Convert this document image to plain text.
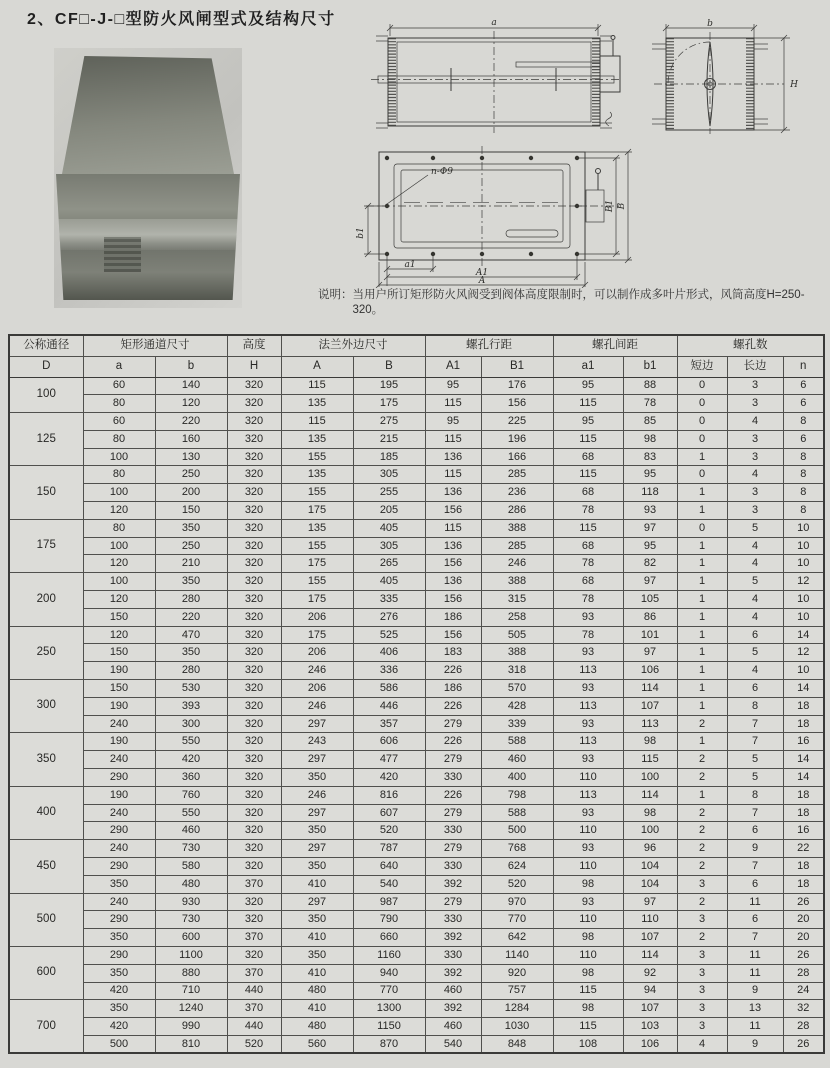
2、CF□-J-□型防火风闸型式及结构尺寸	a	b
H
n-Φ9
b1
a1
A1
A
B1 B
说明： 当用户所订矩形防火风阀受到阀体高度限制时，可以制作成多叶片形式，风筒高度H=250-320。
公称通径	矩形通道尺寸		高度	法兰外边尺寸		螺孔行距		螺孔间距		螺孔数		
D	a	b	H	A	B	A1	B1	a1	b1	短边	长边	n
100	60	140	320	115	195	95	176	95	88	0	3	6
	80	120	320	135	175	115	156	115	78	0	3	6
125	60	220	320	115	275	95	225	95	85	0	4	8
	80	160	320	135	215	115	196	115	98	0	3	6
	100	130	320	155	185	136	166	68	83	1	3	8
150	80	250	320	135	305	115	285	115	95	0	4	8
	100	200	320	155	255	136	236	68	118	1	3	8
	120	150	320	175	205	156	286	78	93	1	3	8
175	80	350	320	135	405	115	388	115	97	0	5	10
	100	250	320	155	305	136	285	68	95	1	4	10
	120	210	320	175	265	156	246	78	82	1	4	10
200	100	350	320	155	405	136	388	68	97	1	5	12
	120	280	320	175	335	156	315	78	105	1	4	10
	150	220	320	206	276	186	258	93	86	1	4	10
250	120	470	320	175	525	156	505	78	101	1	6	14
	150	350	320	206	406	183	388	93	97	1	5	12
	190	280	320	246	336	226	318	113	106	1	4	10
300	150	530	320	206	586	186	570	93	114	1	6	14
	190	393	320	246	446	226	428	113	107	1	8	18
	240	300	320	297	357	279	339	93	113	2	7	18
350	190	550	320	243	606	226	588	113	98	1	7	16
	240	420	320	297	477	279	460	93	115	2	5	14
	290	360	320	350	420	330	400	110	100	2	5	14
400	190	760	320	246	816	226	798	113	114	1	8	18
	240	550	320	297	607	279	588	93	98	2	7	18
	290	460	320	350	520	330	500	110	100	2	6	16
450	240	730	320	297	787	279	768	93	96	2	9	22
	290	580	320	350	640	330	624	110	104	2	7	18
	350	480	370	410	540	392	520	98	104	3	6	18
500	240	930	320	297	987	279	970	93	97	2	11	26
	290	730	320	350	790	330	770	110	110	3	6	20
	350	600	370	410	660	392	642	98	107	2	7	20
600	290	1100	320	350	1160	330	1140	110	114	3	11	26
	350	880	370	410	940	392	920	98	92	3	11	28
	420	710	440	480	770	460	757	115	94	3	9	24
700	350	1240	370	410	1300	392	1284	98	107	3	13	32
	420	990	440	480	1150	460	1030	115	103	3	11	28
	500	810	520	560	870	540	848	108	106	4	9	26
